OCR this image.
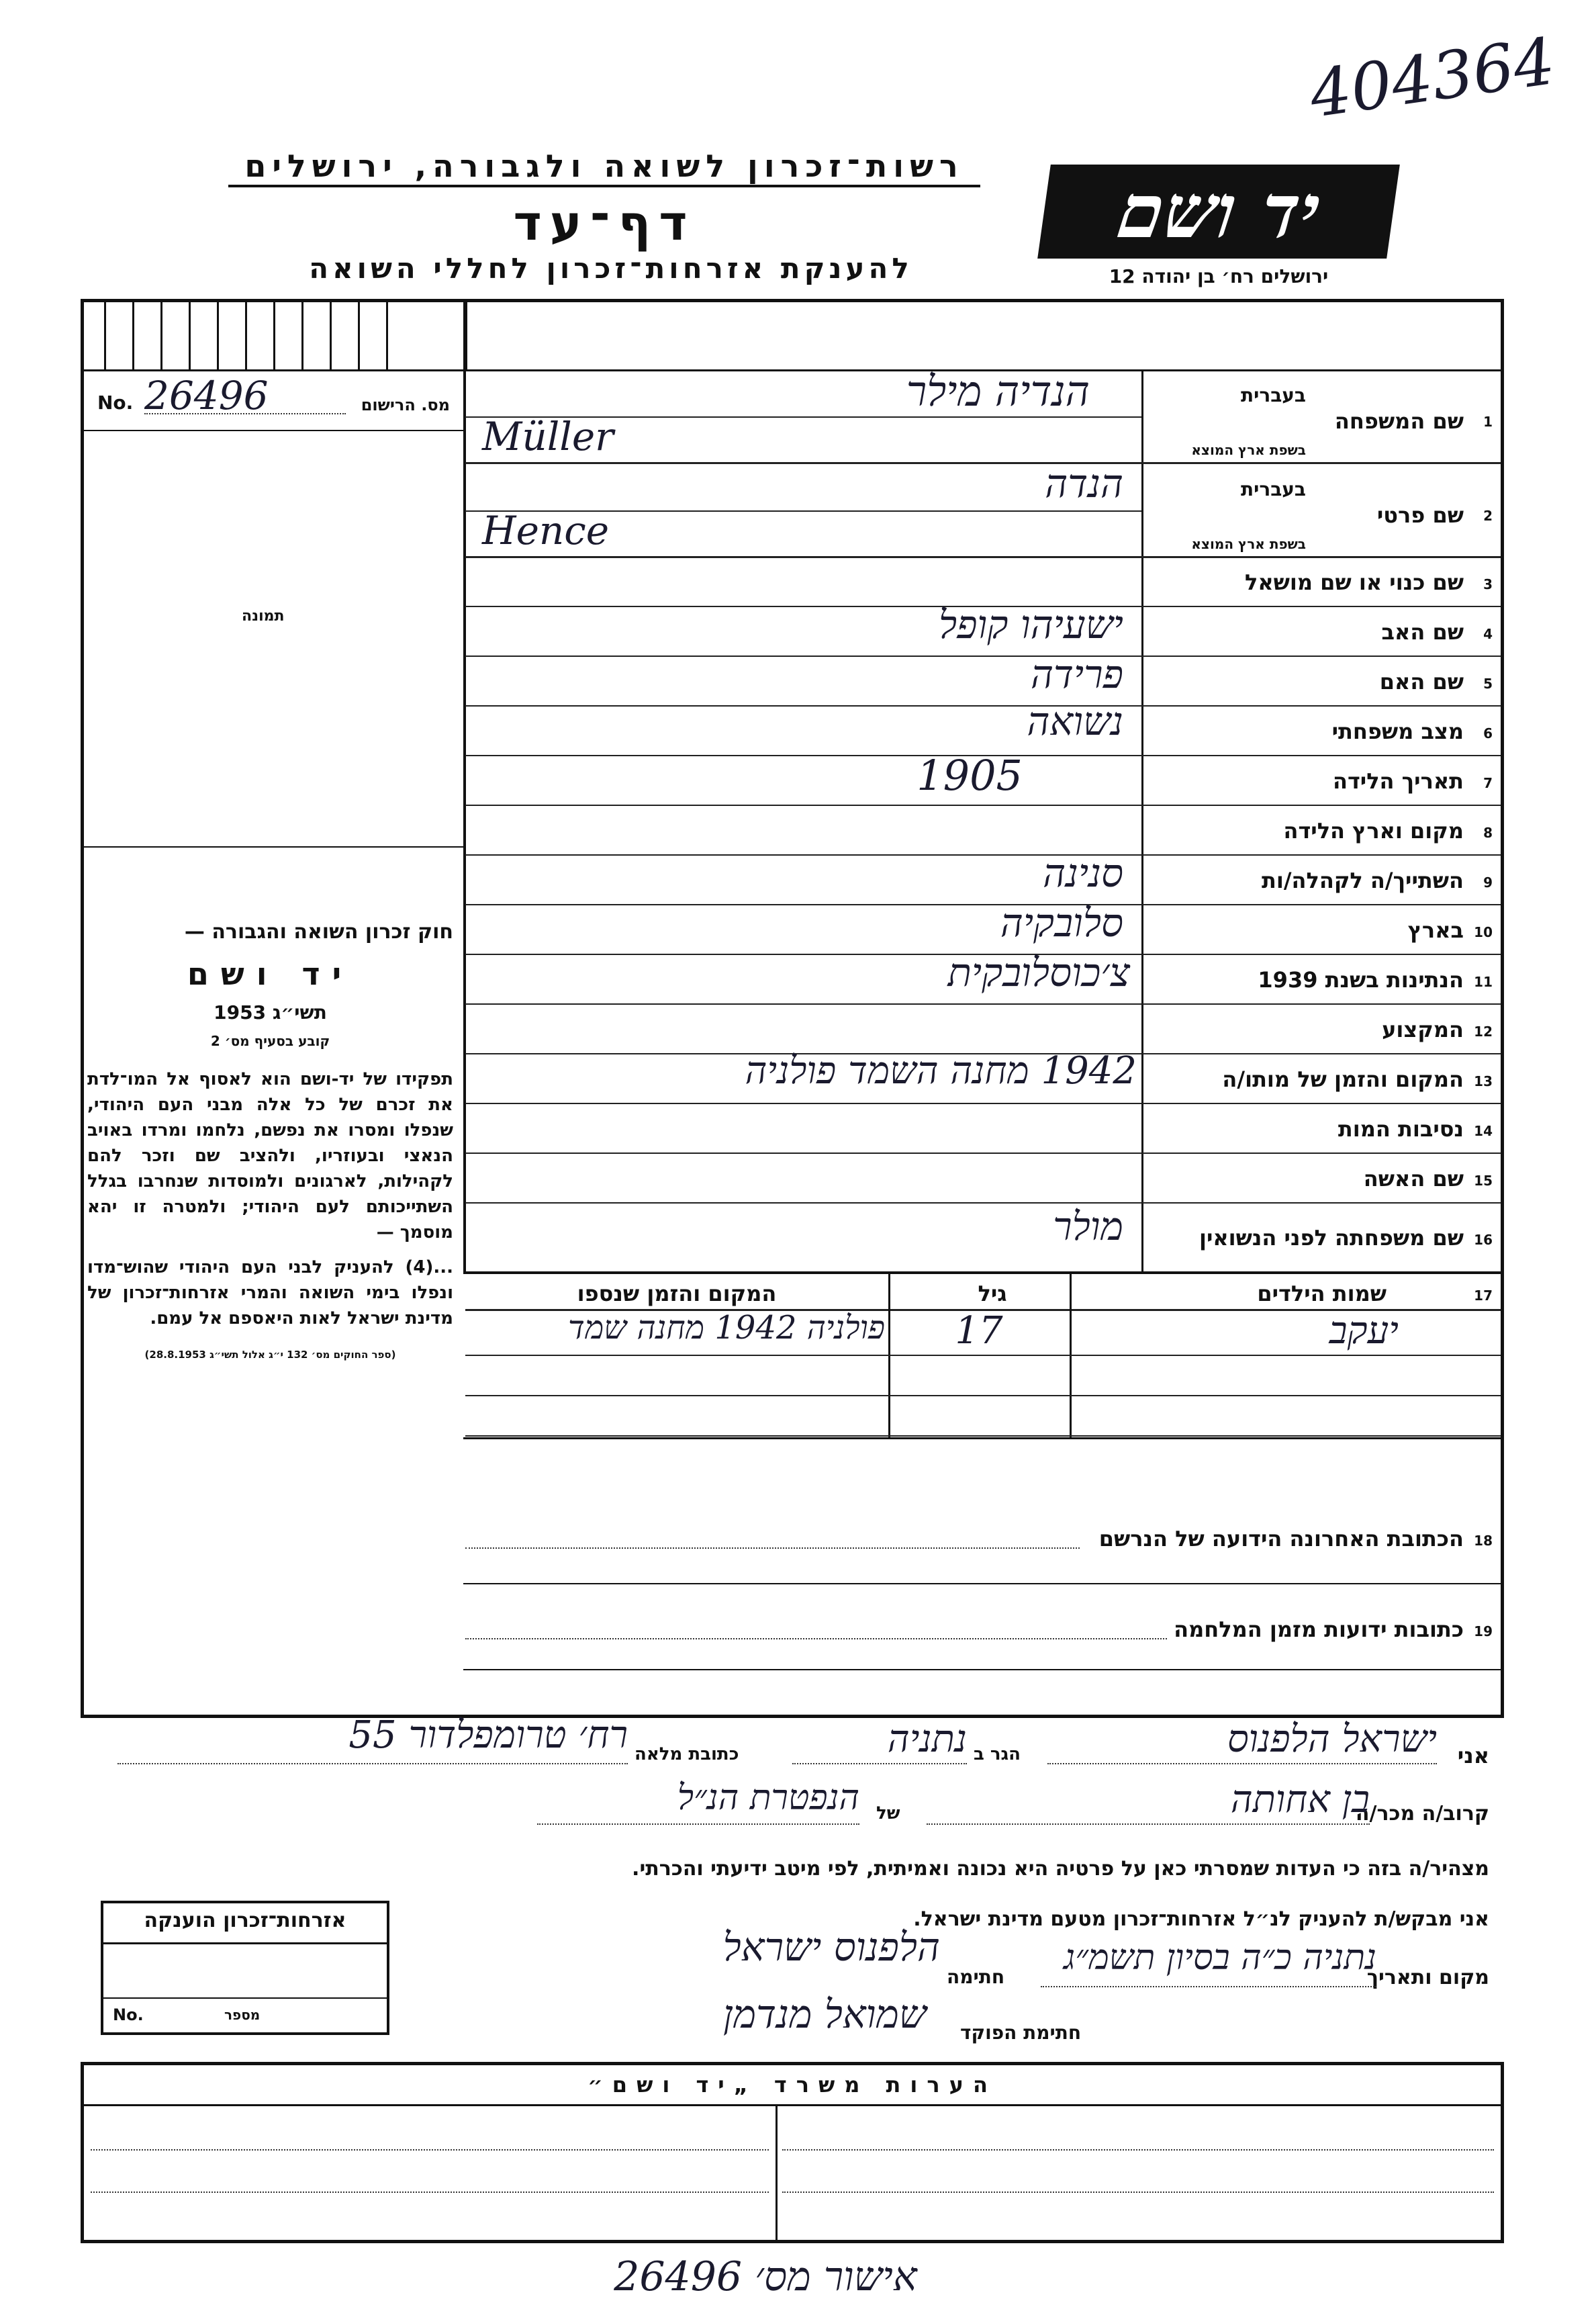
404364
רשות־זכרון לשואה ולגבורה, ירושלים
דף־עד
להענקת אזרחות־זכרון לחללי השואה
יד ושם
ירושלים רח׳ בן יהודה 12
No. 26496	מס. הרישום
תמונה
חוק זכרון השואה והגבורה —
יד ושם
תשי״ג 1953
קובע בסעיף מס׳ 2
תפקידו של יד-ושם הוא לאסוף אל המו־לדת את זכרם של כל אלה מבני העם היהודי, שנפלו ומסרו את נפשם, נלחמו ומרדו באויב הנאצי ובעוזריו, ולהציב שם וזכר להם לקהילות, לארגונים ולמוסדות שנחרבו בגלל השתייכותם לעם היהודי; ולמטרה זו יהא מוסמך —
...(4) להעניק לבני העם היהודי שהוש־מדו ונפלו בימי השואה והמרי אזרחות־זכרון של מדינת ישראל לאות היאספם אל עמם.
(ספר החוקים מס׳ 132 י״ג אלול תשי״ג 28.8.1953)
1
שם המשפחה
בעברית
בשפת ארץ המוצא
הנדיה מילר
Müller
2
שם פרטי
בעברית
בשפת ארץ המוצא
הנדה
Hence
3
שם כנוי או שם מושאל
4
שם האב
ישעיהו קופל
5
שם האם
פרידה
6
מצב משפחתי
נשואה
7
תאריך הלידה
1905
8
מקום וארץ הלידה
9
השתייך/ה לקהלה/ות
סנינה
10
בארץ
סלובקיה
11
הנתינות בשנת 1939
צ׳כוסלובקית
12
המקצוע
13
המקום והזמן של מותו/ה
1942 מחנה השמד פולניה
14
נסיבות המות
15
שם האשה
16
שם משפחתה לפני הנשואין
מולר
17
שמות הילדים
גיל
המקום והזמן שנספו
יעקב
17
פולניה 1942 מחנה שמד
18
הכתובת האחרונה הידועה של הנרשם
19
כתובות ידועות מזמן המלחמה
אני
ישראל הלפנוס
הגר ב
נתניה
כתובת מלאה
רח׳ טרומפלדור 55
קרוב/ה מכר/ה
בן אחותה
של
הנפטרת הנ״ל
מצהיר/ה בזה כי העדות שמסרתי כאן על פרטיה היא נכונה ואמיתית, לפי מיטב ידיעתי והכרתי.
אני מבקש/ת להעניק לנ״ל אזרחות־זכרון מטעם מדינת ישראל.
מקום ותאריך
נתניה כ״ה בסיון תשמ״ג
חתימה
הלפנוס ישראל
חתימת הפוקד
שמואל מנדמן
אזרחות־זכרון הוענקה
No.	מספר
הערות משרד „יד ושם״
אישור מס׳ 26496
